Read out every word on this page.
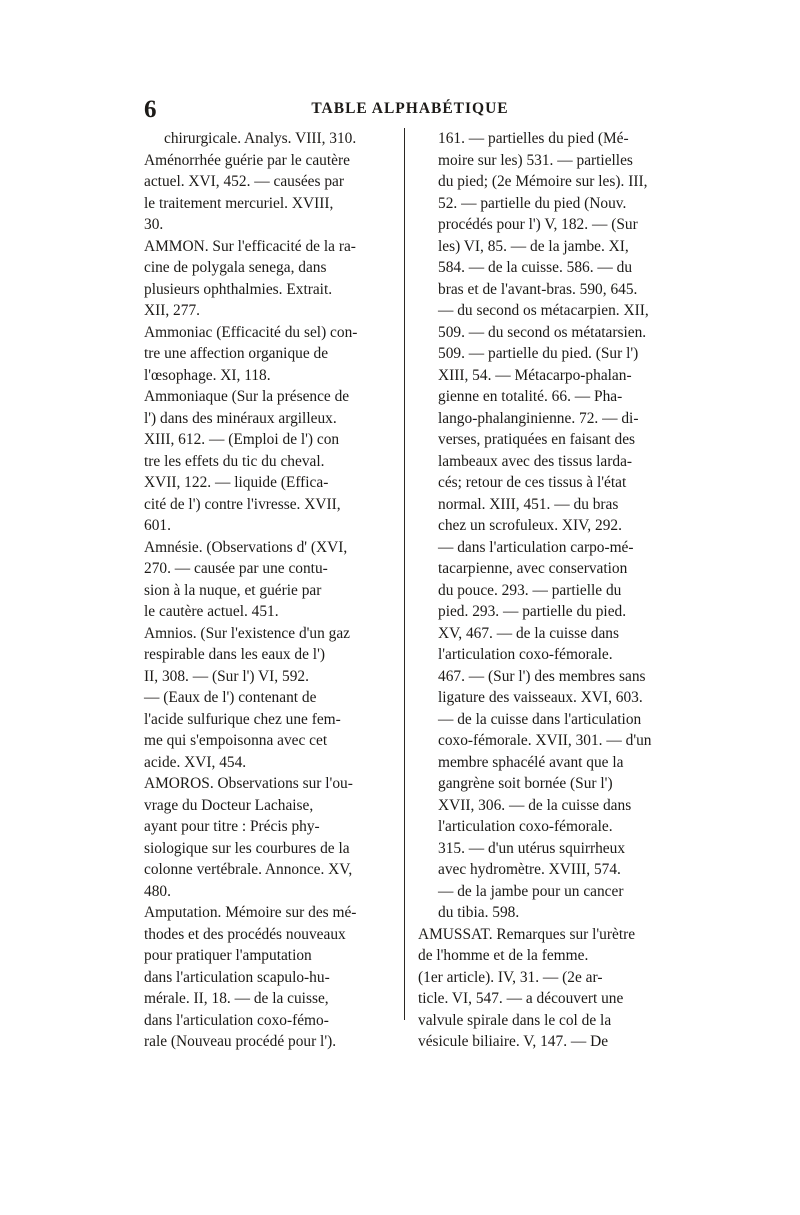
6	TABLE ALPHABÉTIQUE
chirurgicale. Analys. VIII, 310.
Aménorrhée guérie par le cautère
actuel. XVI, 452. — causées par
le traitement mercuriel. XVIII,
30.
AMMON. Sur l'efficacité de la ra-
cine de polygala senega, dans
plusieurs ophthalmies. Extrait.
XII, 277.
Ammoniac (Efficacité du sel) con-
tre une affection organique de
l'œsophage. XI, 118.
Ammoniaque (Sur la présence de
l') dans des minéraux argilleux.
XIII, 612. — (Emploi de l') con
tre les effets du tic du cheval.
XVII, 122. — liquide (Effica-
cité de l') contre l'ivresse. XVII,
601.
Amnésie. (Observations d' (XVI,
270. — causée par une contu-
sion à la nuque, et guérie par
le cautère actuel. 451.
Amnios. (Sur l'existence d'un gaz
respirable dans les eaux de l')
II, 308. — (Sur l') VI, 592.
— (Eaux de l') contenant de
l'acide sulfurique chez une fem-
me qui s'empoisonna avec cet
acide. XVI, 454.
AMOROS. Observations sur l'ou-
vrage du Docteur Lachaise,
ayant pour titre : Précis phy-
siologique sur les courbures de la
colonne vertébrale. Annonce. XV,
480.
Amputation. Mémoire sur des mé-
thodes et des procédés nouveaux
pour pratiquer l'amputation
dans l'articulation scapulo-hu-
mérale. II, 18. — de la cuisse,
dans l'articulation coxo-fémo-
rale (Nouveau procédé pour l').
161. — partielles du pied (Mé-
moire sur les) 531. — partielles
du pied; (2e Mémoire sur les). III,
52. — partielle du pied (Nouv.
procédés pour l') V, 182. — (Sur
les) VI, 85. — de la jambe. XI,
584. — de la cuisse. 586. — du
bras et de l'avant-bras. 590, 645.
— du second os métacarpien. XII,
509. — du second os métatarsien.
509. — partielle du pied. (Sur l')
XIII, 54. — Métacarpo-phalan-
gienne en totalité. 66. — Pha-
lango-phalanginienne. 72. — di-
verses, pratiquées en faisant des
lambeaux avec des tissus larda-
cés; retour de ces tissus à l'état
normal. XIII, 451. — du bras
chez un scrofuleux. XIV, 292.
— dans l'articulation carpo-mé-
tacarpienne, avec conservation
du pouce. 293. — partielle du
pied. 293. — partielle du pied.
XV, 467. — de la cuisse dans
l'articulation coxo-fémorale.
467. — (Sur l') des membres sans
ligature des vaisseaux. XVI, 603.
— de la cuisse dans l'articulation
coxo-fémorale. XVII, 301. — d'un
membre sphacélé avant que la
gangrène soit bornée (Sur l')
XVII, 306. — de la cuisse dans
l'articulation coxo-fémorale.
315. — d'un utérus squirrheux
avec hydromètre. XVIII, 574.
— de la jambe pour un cancer
du tibia. 598.
AMUSSAT. Remarques sur l'urètre
de l'homme et de la femme.
(1er article). IV, 31. — (2e ar-
ticle. VI, 547. — a découvert une
valvule spirale dans le col de la
vésicule biliaire. V, 147. — De
